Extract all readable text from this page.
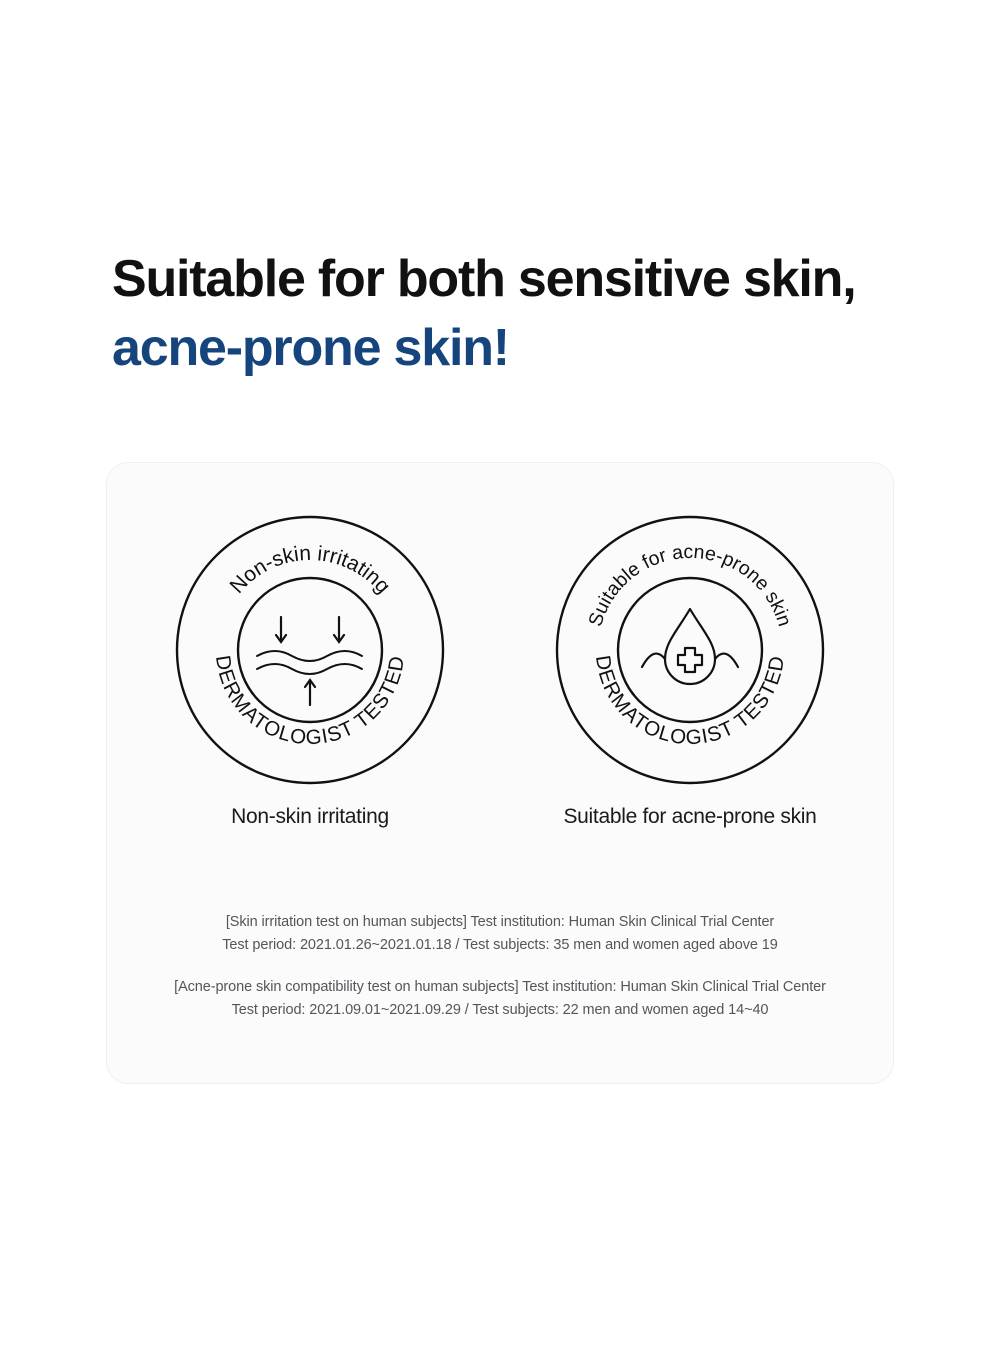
Suitable for both sensitive skin,
acne-prone skin!
Non-skin irritating
DERMATOLOGIST TESTED
Non-skin irritating
Suitable for acne-prone skin
DERMATOLOGIST TESTED
Suitable for acne-prone skin
[Skin irritation test on human subjects] Test institution: Human Skin Clinical Trial Center
Test period: 2021.01.26~2021.01.18 / Test subjects: 35 men and women aged above 19
[Acne-prone skin compatibility test on human subjects] Test institution: Human Skin Clinical Trial Center
Test period: 2021.09.01~2021.09.29 / Test subjects: 22 men and women aged 14~40
